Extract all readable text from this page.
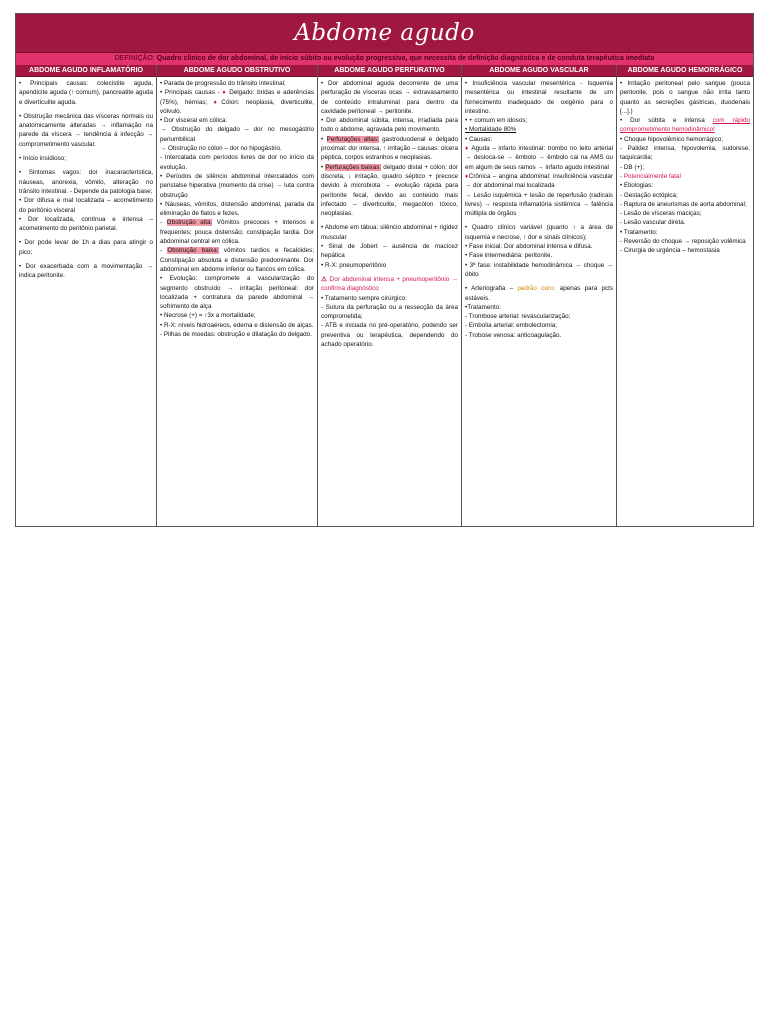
Abdome agudo
DEFINIÇÃO: Quadro clínico de dor abdominal, de início súbito ou evolução progressiva, que necessita de definição diagnóstica e de conduta terapêutica imediata
ABDOME AGUDO INFLAMATÓRIO

• Principais causas: colecistite aguda, apendicite aguda (↑ comum), pancreatite aguda e diverticulite aguda.

• Obstrução mecânica das vísceras normais ou anatomicamente alteradas → inflamação na parede da víscera → tendência à infecção → comprometimento vascular.

• Início insidioso;

• Sintomas vagos: dor inacaracterística, náuseas, anorexia, vômito, alteração no trânsito intestinal. - Depende da patologia base;

• Dor difusa e mal localizada – acometimento do peritônio visceral

• Dor localizada, contínua e intensa – acometimento do peritônio parietal.

• Dor pode levar de 1h a dias para atingir o pico;

• Dor exacerbada com a movimentação → indica peritonite.

ABDOME AGUDO OBSTRUTIVO

• Parada de progressão do trânsito intestinal;

• Principais causas - ♦ Delgado: bridas e aderências (75%), hérnias; ♦Cólon: neoplasia, diverticulite, vólvulo.

• Dor visceral em cólica:

→ Obstrução do delgado – dor no mesogástrio periumbilical

→ Obstrução no cólon – dor no hipogástrio.

- Intercalada com períodos livres de dor no início da evolução.

• Períodos de silêncio abdominal intercalados com peristalse hiperativa (momento da crise) → luta contra obstrução

• Náuseas, vômitos, distensão abdominal, parada da eliminação de flatos e fezes.

- Obstrução alta: Vômitos precoces + intensos e frequentes; pouca distensão; constipação tardia. Dor abdominal central em cólica.

- Obstrução baixa: vômitos tardios e fecalóides; Constipação absoluta e distensão predominante. Dor abdominal em abdome inferior ou flancos em cólica.

• Evolução: compromete a vascularização do segmento obstruído → irritação peritoneal: dor localizada + contratura da parede abdominal → sofrimento de alça

• Necrose (+) = ↑3x a mortalidade;

• R-X: níveis hidroaéreos, edema e distensão de alças.

- Pilhas de moedas: obstrução e dilatação do delgado.

ABDOME AGUDO PERFURATIVO

• Dor abdominal aguda decorrente de uma perfuração de vísceras ocas → extravasamento de conteúdo intraluminal para dentro da cavidade peritoneal → peritonite.

• Dor abdominal súbita, intensa, irradiada para todo o abdome, agravada pelo movimento.

• Perfurações altas: gastroduodenal e delgado proximal: dor intensa, ↑ irritação – causas: úlcera péptica, corpos estranhos e neoplasias.

• Perfurações baixas: delgado distal + cólon: dor discreta, ↓ irritação, quadro séptico + precoce devido à microbiota → evolução rápida para peritonite fecal, devido ao conteúdo mais infectado – diverticulite, megacólon tóxico, neoplasias.

• Abdome em tábua: silêncio abdominal + rigidez muscular

• Sinal de Jobert – ausência de macicez hepática

• R-X: pneumoperitônio

⚠ Dor abdominal intensa + pneumoperitônio → confirma diagnóstico

• Tratamento sempre cirúrgico:

- Sutura da perfuração ou a ressecção da área comprometida;

- ATB e iniciada no pré-operatório, podendo ser preventiva ou terapêutica, dependendo do achado operatório.

ABDOME AGUDO VASCULAR

• Insuficiência vascular mesentérica - Isquemia mesentérica ou intestinal resultante de um fornecimento inadequado de oxigênio para o intestino.

• + comum em idosos;

• Mortalidade 80%

• Causas:

♦ Aguda – infarto intestinal: trombo no leito arterial → desloca-se → êmbolo → êmbolo cai na AMS ou em algum de seus ramos → infarto agudo intestinal

♦Crônica – angina abdominal: insuficiência vascular → dor abdominal mal localizada

→ Lesão isquêmica + lesão de reperfusão (radicais livres) → resposta inflamatória sistêmica → falência múltipla de órgãos

• Quadro clínico variável (quanto ↑ a área de isquemia e necrose, ↑ dor e sinais clínicos);

• Fase inicial: Dor abdominal intensa e difusa.

• Fase intermediária: peritonite.

• 3ª fase: instabilidade hemodinâmica → choque → óbito

• Arteriografia – padrão ouro: apenas para pcts estáveis.

•Tratamento:

- Trombose arterial: revascularização;

- Embolia arterial: embolectomia;

- Trobose venosa: anticoagulação.

ABDOME AGUDO HEMORRÁGICO

• Irritação peritoneal pelo sangue (pouca peritonite, pois o sangue não irrita tanto quanto as secreções gástricas, duodenais [...].)

• Dor súbita e intensa com rápido comprometimento hemodinâmico!

• Choque hipovolêmico hemorrágico;

- Palidez intensa, hipovolemia, sudorese, taquicardia;

- DB (+);

- Potencialmente fatal

• Etiologias:

- Gestação ectópica;

- Raptura de aneurismas de aorta abdominal;

- Lesão de vísceras maciças;

- Lesão vascular direta.

• Tratamento:

- Reversão do choque → reposição volêmica

- Cirurgia de urgência – hemostasia
